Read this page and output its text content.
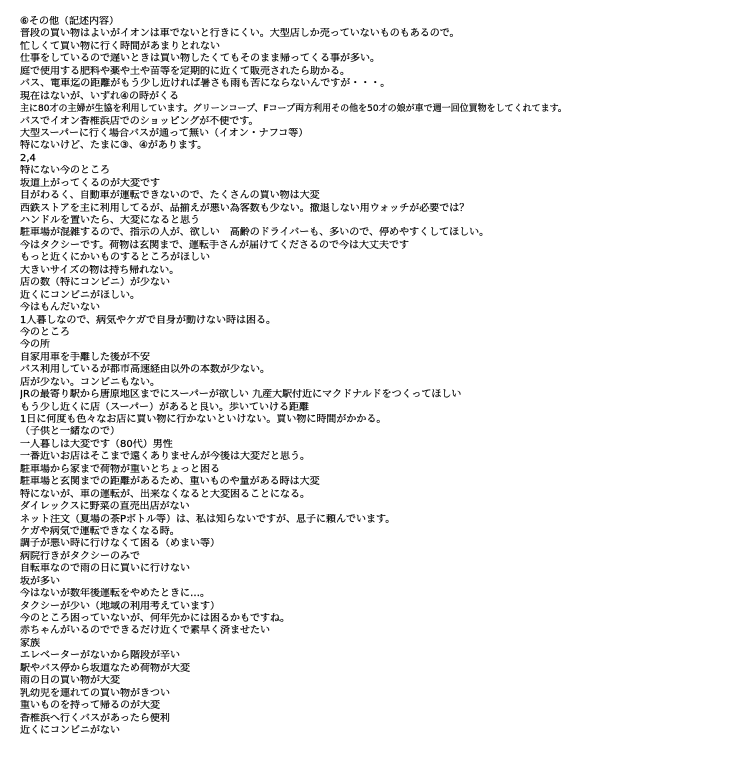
⑥その他（記述内容）
普段の買い物はよいがイオンは車でないと行きにくい。大型店しか売っていないものもあるので。
忙しくて買い物に行く時間があまりとれない
仕事をしているので遅いときは買い物したくてもそのまま帰ってくる事が多い。
庭で使用する肥料や薬や土や苗等を定期的に近くて販売されたら助かる。
バス、電車迄の距離がもう少し近ければ暑さも雨も苦にならないんですが・・・。
現在はないが、いずれ④の時がくる
主に80才の主婦が生協を利用しています。グリーンコープ、Fコープ両方利用その他を50才の娘が車で週一回位買物をしてくれてます。
バスでイオン香椎浜店でのショッピングが不便です。
大型スーパーに行く場合バスが通って無い（イオン・ナフコ等）
特にないけど、たまに③、④があります。
2,4
特にない今のところ
坂道上がってくるのが大変です
目がわるく、自動車が運転できないので、たくさんの買い物は大変
西鉄ストアを主に利用してるが、品揃えが悪い為客数も少ない。撤退しない用ウォッチが必要では？
ハンドルを置いたら、大変になると思う
駐車場が混雑するので、指示の人が、欲しい　高齢のドライバーも、多いので、停めやすくしてほしい。
今はタクシーです。荷物は玄関まで、運転手さんが届けてくださるので今は大丈夫です
もっと近くにかいものするところがほしい
大きいサイズの物は持ち帰れない。
店の数（特にコンビニ）が少ない
近くにコンビニがほしい。
今はもんだいない
1人暮しなので、病気やケガで自身が動けない時は困る。
今のところ
今の所
自家用車を手離した後が不安
バス利用しているが都市高速経由以外の本数が少ない。
店が少ない。コンビニもない。
JRの最寄り駅から唐原地区までにスーパーが欲しい 九産大駅付近にマクドナルドをつくってほしい
もう少し近くに店（スーパー）があると良い。歩いていける距離
1日に何度も色々なお店に買い物に行かないといけない。買い物に時間がかかる。
（子供と一緒なので）
一人暮しは大変です（80代）男性
一番近いお店はそこまで遠くありませんが今後は大変だと思う。
駐車場から家まで荷物が重いとちょっと困る
駐車場と玄関までの距離があるため、重いものや量がある時は大変
特にないが、車の運転が、出来なくなると大変困ることになる。
ダイレックスに野菜の直売出店がない
ネット注文（夏場の茶Pボトル等）は、私は知らないですが、息子に頼んでいます。
ケガや病気で運転できなくなる時。
調子が悪い時に行けなくて困る（めまい等）
病院行きがタクシーのみで
自転車なので雨の日に買いに行けない
坂が多い
今はないが数年後運転をやめたときに…。
タクシーが少い（地域の利用考えています）
今のところ困っていないが、何年先かには困るかもですね。
赤ちゃんがいるのでできるだけ近くで素早く済ませたい
家族
エレベーターがないから階段が辛い
駅やバス停から坂道なため荷物が大変
雨の日の買い物が大変
乳幼児を連れての買い物がきつい
重いものを持って帰るのが大変
香椎浜へ行くバスがあったら便利
近くにコンビニがない
